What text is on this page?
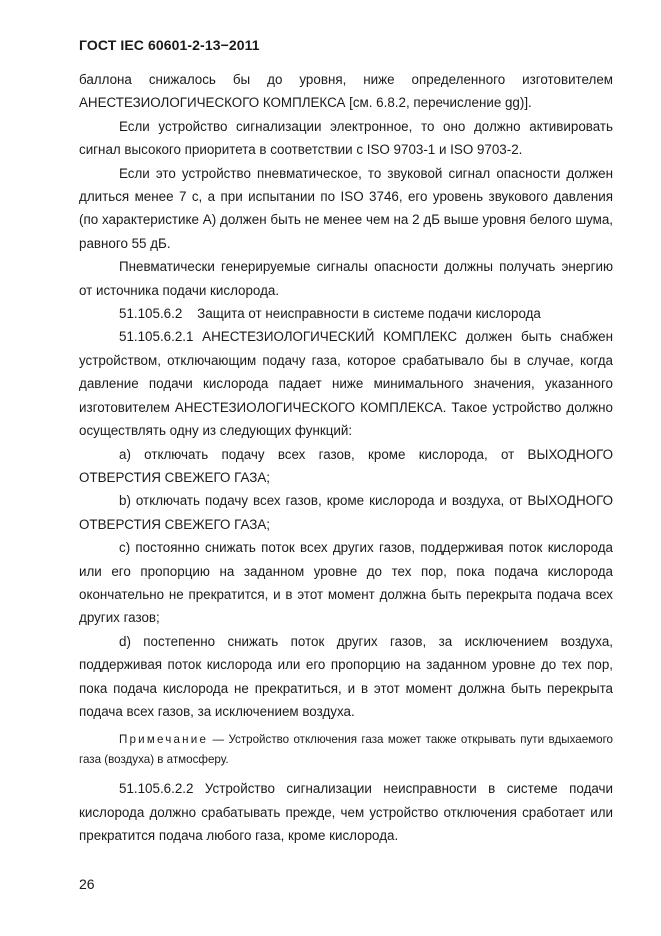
ГОСТ IEC 60601-2-13−2011

баллона снижалось бы до уровня, ниже определенного изготовителем АНЕСТЕЗИОЛОГИЧЕСКОГО КОМПЛЕКСА [см. 6.8.2, перечисление gg)].

Если устройство сигнализации электронное, то оно должно активировать сигнал высокого приоритета в соответствии с ISO 9703-1 и ISO 9703-2.

Если это устройство пневматическое, то звуковой сигнал опасности должен длиться менее 7 с, а при испытании по ISO 3746, его уровень звукового давления (по характеристике А) должен быть не менее чем на 2 дБ выше уровня белого шума, равного 55 дБ.

Пневматически генерируемые сигналы опасности должны получать энергию от источника подачи кислорода.

51.105.6.2    Защита от неисправности в системе подачи кислорода

51.105.6.2.1 АНЕСТЕЗИОЛОГИЧЕСКИЙ КОМПЛЕКС должен быть снабжен устройством, отключающим подачу газа, которое срабатывало бы в случае, когда давление подачи кислорода падает ниже минимального значения, указанного изготовителем АНЕСТЕЗИОЛОГИЧЕСКОГО КОМПЛЕКСА. Такое устройство должно осуществлять одну из следующих функций:

a) отключать подачу всех газов, кроме кислорода, от ВЫХОДНОГО ОТВЕРСТИЯ СВЕЖЕГО ГАЗА;

b) отключать подачу всех газов, кроме кислорода и воздуха, от ВЫХОДНОГО ОТВЕРСТИЯ СВЕЖЕГО ГАЗА;

c) постоянно снижать поток всех других газов, поддерживая поток кислорода или его пропорцию на заданном уровне до тех пор, пока подача кислорода окончательно не прекратится, и в этот момент должна быть перекрыта подача всех других газов;

d) постепенно снижать поток других газов, за исключением воздуха, поддерживая поток кислорода или его пропорцию на заданном уровне до тех пор, пока подача кислорода не прекратиться, и в этот момент должна быть перекрыта подача всех газов, за исключением воздуха.

Примечание — Устройство отключения газа может также открывать пути вдыхаемого газа (воздуха) в атмосферу.

51.105.6.2.2 Устройство сигнализации неисправности в системе подачи кислорода должно срабатывать прежде, чем устройство отключения сработает или прекратится подача любого газа, кроме кислорода.

26
